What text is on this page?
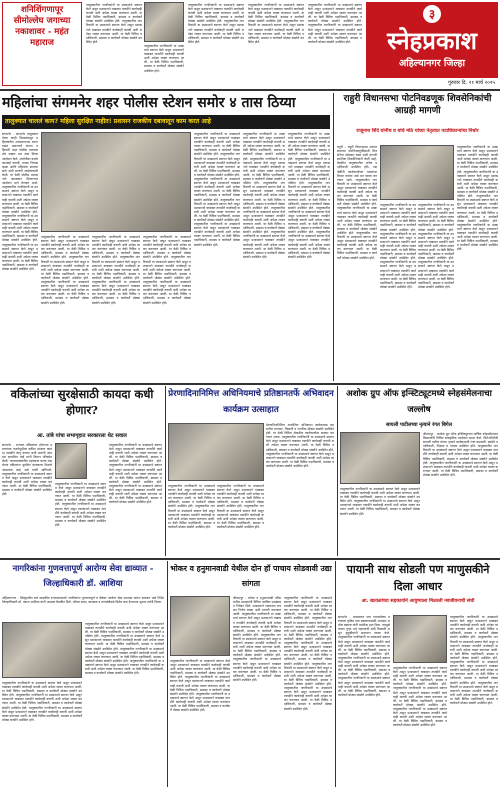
शनिशिंगणापूर सीमोल्लेघ जगाच्या नकाशावर - महंत महाराज
तालुक्यातील नागरिकांनी या उपक्रमाचे स्वागत केले असून प्रशासनाने याबाबत तातडीने कार्यवाही करावी अशी अपेक्षा व्यक्त करण्यात आली. या वेळी विविध पदाधिकारी, ग्रामस्थ व कार्यकर्ते मोठ्या संख्येने उपस्थित होते. तालुक्यातील नागरिकांनी या उपक्रमाचे स्वागत केले असून प्रशासनाने याबाबत तातडीने कार्यवाही करावी अशी अपेक्षा व्यक्त करण्यात आली. या वेळी विविध पदाधिकारी, ग्रामस्थ व कार्यकर्ते मोठ्या संख्येने उपस्थित होते.
तालुक्यातील नागरिकांनी या उपक्रमाचे स्वागत केले असून प्रशासनाने याबाबत तातडीने कार्यवाही करावी अशी अपेक्षा व्यक्त करण्यात आली. या वेळी विविध पदाधिकारी, ग्रामस्थ व कार्यकर्ते मोठ्या संख्येने उपस्थित होते.
तालुक्यातील नागरिकांनी या उपक्रमाचे स्वागत केले असून प्रशासनाने याबाबत तातडीने कार्यवाही करावी अशी अपेक्षा व्यक्त करण्यात आली. या वेळी विविध पदाधिकारी, ग्रामस्थ व कार्यकर्ते मोठ्या संख्येने उपस्थित होते. तालुक्यातील नागरिकांनी या उपक्रमाचे स्वागत केले असून प्रशासनाने याबाबत तातडीने कार्यवाही करावी अशी अपेक्षा व्यक्त करण्यात आली. या वेळी विविध पदाधिकारी, ग्रामस्थ व कार्यकर्ते मोठ्या संख्येने उपस्थित होते.
तालुक्यातील नागरिकांनी या उपक्रमाचे स्वागत केले असून प्रशासनाने याबाबत तातडीने कार्यवाही करावी अशी अपेक्षा व्यक्त करण्यात आली. या वेळी विविध पदाधिकारी, ग्रामस्थ व कार्यकर्ते मोठ्या संख्येने उपस्थित होते. तालुक्यातील नागरिकांनी या उपक्रमाचे स्वागत केले असून प्रशासनाने याबाबत तातडीने कार्यवाही करावी अशी अपेक्षा व्यक्त करण्यात आली. या वेळी विविध पदाधिकारी, ग्रामस्थ व कार्यकर्ते मोठ्या संख्येने उपस्थित होते.
तालुक्यातील नागरिकांनी या उपक्रमाचे स्वागत केले असून प्रशासनाने याबाबत तातडीने कार्यवाही करावी अशी अपेक्षा व्यक्त करण्यात आली. या वेळी विविध पदाधिकारी, ग्रामस्थ व कार्यकर्ते मोठ्या संख्येने उपस्थित होते. तालुक्यातील नागरिकांनी या उपक्रमाचे स्वागत केले असून प्रशासनाने याबाबत तातडीने कार्यवाही करावी अशी अपेक्षा व्यक्त करण्यात आली. या वेळी विविध पदाधिकारी, ग्रामस्थ व कार्यकर्ते मोठ्या संख्येने उपस्थित होते.
३
स्नेहप्रकाश
अहिल्यानगर जिल्हा
गुरुवार दि. २१ मार्च २०२५
महिलांचा संगमनेर शहर पोलीस स्टेशन समोर ४ तास ठिय्या
तालुक्यात चाललं काय? महिला सुरक्षित नाहीत! प्रशासन राजकीय दबावातून काम करत आहे
संगमनेर - संगमनेर तालुक्यात गेल्या काही दिवसांपासून महिलांवरील अत्याचाराच्या घटना वाढत असल्याने संतप्त महिलांनी शहर पोलीस ठाण्यासमोर तब्बल चार तास ठिय्या आंदोलन केले. आरोपींवर कठोर कारवाई करावी, तपास निष्पक्ष व्हावा आणि महिलांना संरक्षण द्यावे अशी मागणी आंदोलकांनी केली. या वेळी पोलीस प्रशासनाने आश्वासन दिल्यानंतर आंदोलन मागे घेण्यात आले. तालुक्यातील नागरिकांनी या उपक्रमाचे स्वागत केले असून प्रशासनाने याबाबत तातडीने कार्यवाही करावी अशी अपेक्षा व्यक्त करण्यात आली. या वेळी विविध पदाधिकारी, ग्रामस्थ व कार्यकर्ते मोठ्या संख्येने उपस्थित होते. तालुक्यातील नागरिकांनी या उपक्रमाचे स्वागत केले असून प्रशासनाने याबाबत तातडीने कार्यवाही करावी अशी अपेक्षा व्यक्त करण्यात आली. या वेळी विविध पदाधिकारी, ग्रामस्थ व कार्यकर्ते मोठ्या संख्येने उपस्थित होते. तालुक्यातील नागरिकांनी या उपक्रमाचे स्वागत केले असून प्रशासनाने याबाबत तातडीने कार्यवाही करावी अशी अपेक्षा व्यक्त करण्यात आली. या वेळी विविध पदाधिकारी, ग्रामस्थ व कार्यकर्ते मोठ्या संख्येने उपस्थित होते.
तालुक्यातील नागरिकांनी या उपक्रमाचे स्वागत केले असून प्रशासनाने याबाबत तातडीने कार्यवाही करावी अशी अपेक्षा व्यक्त करण्यात आली. या वेळी विविध पदाधिकारी, ग्रामस्थ व कार्यकर्ते मोठ्या संख्येने उपस्थित होते. तालुक्यातील नागरिकांनी या उपक्रमाचे स्वागत केले असून प्रशासनाने याबाबत तातडीने कार्यवाही करावी अशी अपेक्षा व्यक्त करण्यात आली. या वेळी विविध पदाधिकारी, ग्रामस्थ व कार्यकर्ते मोठ्या संख्येने उपस्थित होते. तालुक्यातील नागरिकांनी या उपक्रमाचे स्वागत केले असून प्रशासनाने याबाबत तातडीने कार्यवाही करावी अशी अपेक्षा व्यक्त करण्यात आली. या वेळी विविध पदाधिकारी, ग्रामस्थ व कार्यकर्ते मोठ्या संख्येने उपस्थित होते.
तालुक्यातील नागरिकांनी या उपक्रमाचे स्वागत केले असून प्रशासनाने याबाबत तातडीने कार्यवाही करावी अशी अपेक्षा व्यक्त करण्यात आली. या वेळी विविध पदाधिकारी, ग्रामस्थ व कार्यकर्ते मोठ्या संख्येने उपस्थित होते. तालुक्यातील नागरिकांनी या उपक्रमाचे स्वागत केले असून प्रशासनाने याबाबत तातडीने कार्यवाही करावी अशी अपेक्षा व्यक्त करण्यात आली. या वेळी विविध पदाधिकारी, ग्रामस्थ व कार्यकर्ते मोठ्या संख्येने उपस्थित होते. तालुक्यातील नागरिकांनी या उपक्रमाचे स्वागत केले असून प्रशासनाने याबाबत तातडीने कार्यवाही करावी अशी अपेक्षा व्यक्त करण्यात आली. या वेळी विविध पदाधिकारी, ग्रामस्थ व कार्यकर्ते मोठ्या संख्येने उपस्थित होते.
तालुक्यातील नागरिकांनी या उपक्रमाचे स्वागत केले असून प्रशासनाने याबाबत तातडीने कार्यवाही करावी अशी अपेक्षा व्यक्त करण्यात आली. या वेळी विविध पदाधिकारी, ग्रामस्थ व कार्यकर्ते मोठ्या संख्येने उपस्थित होते. तालुक्यातील नागरिकांनी या उपक्रमाचे स्वागत केले असून प्रशासनाने याबाबत तातडीने कार्यवाही करावी अशी अपेक्षा व्यक्त करण्यात आली. या वेळी विविध पदाधिकारी, ग्रामस्थ व कार्यकर्ते मोठ्या संख्येने उपस्थित होते. तालुक्यातील नागरिकांनी या उपक्रमाचे स्वागत केले असून प्रशासनाने याबाबत तातडीने कार्यवाही करावी अशी अपेक्षा व्यक्त करण्यात आली. या वेळी विविध पदाधिकारी, ग्रामस्थ व कार्यकर्ते मोठ्या संख्येने उपस्थित होते.
तालुक्यातील नागरिकांनी या उपक्रमाचे स्वागत केले असून प्रशासनाने याबाबत तातडीने कार्यवाही करावी अशी अपेक्षा व्यक्त करण्यात आली. या वेळी विविध पदाधिकारी, ग्रामस्थ व कार्यकर्ते मोठ्या संख्येने उपस्थित होते. तालुक्यातील नागरिकांनी या उपक्रमाचे स्वागत केले असून प्रशासनाने याबाबत तातडीने कार्यवाही करावी अशी अपेक्षा व्यक्त करण्यात आली. या वेळी विविध पदाधिकारी, ग्रामस्थ व कार्यकर्ते मोठ्या संख्येने उपस्थित होते. तालुक्यातील नागरिकांनी या उपक्रमाचे स्वागत केले असून प्रशासनाने याबाबत तातडीने कार्यवाही करावी अशी अपेक्षा व्यक्त करण्यात आली. या वेळी विविध पदाधिकारी, ग्रामस्थ व कार्यकर्ते मोठ्या संख्येने उपस्थित होते. तालुक्यातील नागरिकांनी या उपक्रमाचे स्वागत केले असून प्रशासनाने याबाबत तातडीने कार्यवाही करावी अशी अपेक्षा व्यक्त करण्यात आली. या वेळी विविध पदाधिकारी, ग्रामस्थ व कार्यकर्ते मोठ्या संख्येने उपस्थित होते. तालुक्यातील नागरिकांनी या उपक्रमाचे स्वागत केले असून प्रशासनाने याबाबत तातडीने कार्यवाही करावी अशी अपेक्षा व्यक्त करण्यात आली. या वेळी विविध पदाधिकारी, ग्रामस्थ व कार्यकर्ते मोठ्या संख्येने उपस्थित होते.
तालुक्यातील नागरिकांनी या उपक्रमाचे स्वागत केले असून प्रशासनाने याबाबत तातडीने कार्यवाही करावी अशी अपेक्षा व्यक्त करण्यात आली. या वेळी विविध पदाधिकारी, ग्रामस्थ व कार्यकर्ते मोठ्या संख्येने उपस्थित होते. तालुक्यातील नागरिकांनी या उपक्रमाचे स्वागत केले असून प्रशासनाने याबाबत तातडीने कार्यवाही करावी अशी अपेक्षा व्यक्त करण्यात आली. या वेळी विविध पदाधिकारी, ग्रामस्थ व कार्यकर्ते मोठ्या संख्येने उपस्थित होते. तालुक्यातील नागरिकांनी या उपक्रमाचे स्वागत केले असून प्रशासनाने याबाबत तातडीने कार्यवाही करावी अशी अपेक्षा व्यक्त करण्यात आली. या वेळी विविध पदाधिकारी, ग्रामस्थ व कार्यकर्ते मोठ्या संख्येने उपस्थित होते. तालुक्यातील नागरिकांनी या उपक्रमाचे स्वागत केले असून प्रशासनाने याबाबत तातडीने कार्यवाही करावी अशी अपेक्षा व्यक्त करण्यात आली. या वेळी विविध पदाधिकारी, ग्रामस्थ व कार्यकर्ते मोठ्या संख्येने उपस्थित होते. तालुक्यातील नागरिकांनी या उपक्रमाचे स्वागत केले असून प्रशासनाने याबाबत तातडीने कार्यवाही करावी अशी अपेक्षा व्यक्त करण्यात आली. या वेळी विविध पदाधिकारी, ग्रामस्थ व कार्यकर्ते मोठ्या संख्येने उपस्थित होते.
तालुक्यातील नागरिकांनी या उपक्रमाचे स्वागत केले असून प्रशासनाने याबाबत तातडीने कार्यवाही करावी अशी अपेक्षा व्यक्त करण्यात आली. या वेळी विविध पदाधिकारी, ग्रामस्थ व कार्यकर्ते मोठ्या संख्येने उपस्थित होते. तालुक्यातील नागरिकांनी या उपक्रमाचे स्वागत केले असून प्रशासनाने याबाबत तातडीने कार्यवाही करावी अशी अपेक्षा व्यक्त करण्यात आली. या वेळी विविध पदाधिकारी, ग्रामस्थ व कार्यकर्ते मोठ्या संख्येने उपस्थित होते. तालुक्यातील नागरिकांनी या उपक्रमाचे स्वागत केले असून प्रशासनाने याबाबत तातडीने कार्यवाही करावी अशी अपेक्षा व्यक्त करण्यात आली. या वेळी विविध पदाधिकारी, ग्रामस्थ व कार्यकर्ते मोठ्या संख्येने उपस्थित होते. तालुक्यातील नागरिकांनी या उपक्रमाचे स्वागत केले असून प्रशासनाने याबाबत तातडीने कार्यवाही करावी अशी अपेक्षा व्यक्त करण्यात आली. या वेळी विविध पदाधिकारी, ग्रामस्थ व कार्यकर्ते मोठ्या संख्येने उपस्थित होते. तालुक्यातील नागरिकांनी या उपक्रमाचे स्वागत केले असून प्रशासनाने याबाबत तातडीने कार्यवाही करावी अशी अपेक्षा व्यक्त करण्यात आली. या वेळी विविध पदाधिकारी, ग्रामस्थ व कार्यकर्ते मोठ्या संख्येने उपस्थित होते.
राहुरी विधानसभा पोटनिवडणूक शिवसेनिकांची आग्रही मागणी
राजूनाथ शिंदे यांनीच व यांचे मोठे यांच्या नेतृत्वात पदाधिकाऱ्यांचा निर्धार
राहुरी - राहुरी विधानसभा मतदारसंघाच्या पोटनिवडणुकीसाठी शिवसेनेचा उमेदवार द्यावा अशी मागणी स्थानिक शिवसैनिकांनी केली आहे. बैठकीत तालुक्यातील अनेक पदाधिकारी उपस्थित होते. पक्षश्रेष्ठींनी कार्यकर्त्यांच्या भावनांचा विचार करावा असे मत व्यक्त करण्यात आले. तालुक्यातील नागरिकांनी या उपक्रमाचे स्वागत केले असून प्रशासनाने याबाबत तातडीने कार्यवाही करावी अशी अपेक्षा व्यक्त करण्यात आली. या वेळी विविध पदाधिकारी, ग्रामस्थ व कार्यकर्ते मोठ्या संख्येने उपस्थित होते. तालुक्यातील नागरिकांनी या उपक्रमाचे स्वागत केले असून प्रशासनाने याबाबत तातडीने कार्यवाही करावी अशी अपेक्षा व्यक्त करण्यात आली. या वेळी विविध पदाधिकारी, ग्रामस्थ व कार्यकर्ते मोठ्या संख्येने उपस्थित होते. तालुक्यातील नागरिकांनी या उपक्रमाचे स्वागत केले असून प्रशासनाने याबाबत तातडीने कार्यवाही करावी अशी अपेक्षा व्यक्त करण्यात आली. या वेळी विविध पदाधिकारी, ग्रामस्थ व कार्यकर्ते मोठ्या संख्येने उपस्थित होते.
तालुक्यातील नागरिकांनी या उपक्रमाचे स्वागत केले असून प्रशासनाने याबाबत तातडीने कार्यवाही करावी अशी अपेक्षा व्यक्त करण्यात आली. या वेळी विविध पदाधिकारी, ग्रामस्थ व कार्यकर्ते मोठ्या संख्येने उपस्थित होते. तालुक्यातील नागरिकांनी या उपक्रमाचे स्वागत केले असून प्रशासनाने याबाबत तातडीने कार्यवाही करावी अशी अपेक्षा व्यक्त करण्यात आली. या वेळी विविध पदाधिकारी, ग्रामस्थ व कार्यकर्ते मोठ्या संख्येने उपस्थित होते. तालुक्यातील नागरिकांनी या उपक्रमाचे स्वागत केले असून प्रशासनाने याबाबत तातडीने कार्यवाही करावी अशी अपेक्षा व्यक्त करण्यात आली. या वेळी विविध पदाधिकारी, ग्रामस्थ व कार्यकर्ते मोठ्या संख्येने उपस्थित होते.
तालुक्यातील नागरिकांनी या उपक्रमाचे स्वागत केले असून प्रशासनाने याबाबत तातडीने कार्यवाही करावी अशी अपेक्षा व्यक्त करण्यात आली. या वेळी विविध पदाधिकारी, ग्रामस्थ व कार्यकर्ते मोठ्या संख्येने उपस्थित होते. तालुक्यातील नागरिकांनी या उपक्रमाचे स्वागत केले असून प्रशासनाने याबाबत तातडीने कार्यवाही करावी अशी अपेक्षा व्यक्त करण्यात आली. या वेळी विविध पदाधिकारी, ग्रामस्थ व कार्यकर्ते मोठ्या संख्येने उपस्थित होते. तालुक्यातील नागरिकांनी या उपक्रमाचे स्वागत केले असून प्रशासनाने याबाबत तातडीने कार्यवाही करावी अशी अपेक्षा व्यक्त करण्यात आली. या वेळी विविध पदाधिकारी, ग्रामस्थ व कार्यकर्ते मोठ्या संख्येने उपस्थित होते.
तालुक्यातील नागरिकांनी या उपक्रमाचे स्वागत केले असून प्रशासनाने याबाबत तातडीने कार्यवाही करावी अशी अपेक्षा व्यक्त करण्यात आली. या वेळी विविध पदाधिकारी, ग्रामस्थ व कार्यकर्ते मोठ्या संख्येने उपस्थित होते. तालुक्यातील नागरिकांनी या उपक्रमाचे स्वागत केले असून प्रशासनाने याबाबत तातडीने कार्यवाही करावी अशी अपेक्षा व्यक्त करण्यात आली. या वेळी विविध पदाधिकारी, ग्रामस्थ व कार्यकर्ते मोठ्या संख्येने उपस्थित होते. तालुक्यातील नागरिकांनी या उपक्रमाचे स्वागत केले असून प्रशासनाने याबाबत तातडीने कार्यवाही करावी अशी अपेक्षा व्यक्त करण्यात आली. या वेळी विविध पदाधिकारी, ग्रामस्थ व कार्यकर्ते मोठ्या संख्येने उपस्थित होते. तालुक्यातील नागरिकांनी या उपक्रमाचे स्वागत केले असून प्रशासनाने याबाबत तातडीने कार्यवाही करावी अशी अपेक्षा व्यक्त करण्यात आली. या वेळी विविध पदाधिकारी, ग्रामस्थ व कार्यकर्ते मोठ्या संख्येने उपस्थित होते.
वकिलांच्या सुरक्षेसाठी कायदा कधी होणार?
आ. तांबे यांचा सभागृहात सरकारला थेट सवाल
संगमनेर - राज्यात वकिलांवर होणाऱ्या हल्ल्यांच्या पार्श्वभूमीवर वकील संरक्षण कायदा तातडीने लागू करावा अशी मागणी आमदार सत्यजित तांबे यांनी विधान परिषदेत केली. न्यायव्यवस्थेतील महत्त्वाचा घटक असलेल्या वकिलांना सुरक्षित वातावरण मिळणे आवश्यक आहे असे त्यांनी सांगितले. तालुक्यातील नागरिकांनी या उपक्रमाचे स्वागत केले असून प्रशासनाने याबाबत तातडीने कार्यवाही करावी अशी अपेक्षा व्यक्त करण्यात आली. या वेळी विविध पदाधिकारी, ग्रामस्थ व कार्यकर्ते मोठ्या संख्येने उपस्थित होते.
तालुक्यातील नागरिकांनी या उपक्रमाचे स्वागत केले असून प्रशासनाने याबाबत तातडीने कार्यवाही करावी अशी अपेक्षा व्यक्त करण्यात आली. या वेळी विविध पदाधिकारी, ग्रामस्थ व कार्यकर्ते मोठ्या संख्येने उपस्थित होते. तालुक्यातील नागरिकांनी या उपक्रमाचे स्वागत केले असून प्रशासनाने याबाबत तातडीने कार्यवाही करावी अशी अपेक्षा व्यक्त करण्यात आली. या वेळी विविध पदाधिकारी, ग्रामस्थ व कार्यकर्ते मोठ्या संख्येने उपस्थित होते.
तालुक्यातील नागरिकांनी या उपक्रमाचे स्वागत केले असून प्रशासनाने याबाबत तातडीने कार्यवाही करावी अशी अपेक्षा व्यक्त करण्यात आली. या वेळी विविध पदाधिकारी, ग्रामस्थ व कार्यकर्ते मोठ्या संख्येने उपस्थित होते. तालुक्यातील नागरिकांनी या उपक्रमाचे स्वागत केले असून प्रशासनाने याबाबत तातडीने कार्यवाही करावी अशी अपेक्षा व्यक्त करण्यात आली. या वेळी विविध पदाधिकारी, ग्रामस्थ व कार्यकर्ते मोठ्या संख्येने उपस्थित होते. तालुक्यातील नागरिकांनी या उपक्रमाचे स्वागत केले असून प्रशासनाने याबाबत तातडीने कार्यवाही करावी अशी अपेक्षा व्यक्त करण्यात आली. या वेळी विविध पदाधिकारी, ग्रामस्थ व कार्यकर्ते मोठ्या संख्येने उपस्थित होते.
प्रेरणादिनानिमित्त अधिनियमाचे प्रतिष्ठानतर्फे अभिवादन कार्यक्रम उत्साहात
प्रेरणादिनानिमित्त आयोजित अभिवादन कार्यक्रमास शहरातील मान्यवर, विद्यार्थी व नागरिक मोठ्या संख्येने उपस्थित होते. या वेळी विविध क्षेत्रातील कार्यकर्त्यांचा सत्कार करण्यात आला. तालुक्यातील नागरिकांनी या उपक्रमाचे स्वागत केले असून प्रशासनाने याबाबत तातडीने कार्यवाही करावी अशी अपेक्षा व्यक्त करण्यात आली. या वेळी विविध पदाधिकारी, ग्रामस्थ व कार्यकर्ते मोठ्या संख्येने उपस्थित होते. तालुक्यातील नागरिकांनी या उपक्रमाचे स्वागत केले असून प्रशासनाने याबाबत तातडीने कार्यवाही करावी अशी अपेक्षा व्यक्त करण्यात आली. या वेळी विविध पदाधिकारी, ग्रामस्थ व कार्यकर्ते मोठ्या संख्येने उपस्थित होते.
तालुक्यातील नागरिकांनी या उपक्रमाचे स्वागत केले असून प्रशासनाने याबाबत तातडीने कार्यवाही करावी अशी अपेक्षा व्यक्त करण्यात आली. या वेळी विविध पदाधिकारी, ग्रामस्थ व कार्यकर्ते मोठ्या संख्येने उपस्थित होते. तालुक्यातील नागरिकांनी या उपक्रमाचे स्वागत केले असून प्रशासनाने याबाबत तातडीने कार्यवाही करावी अशी अपेक्षा व्यक्त करण्यात आली. या वेळी विविध पदाधिकारी, ग्रामस्थ व कार्यकर्ते मोठ्या संख्येने उपस्थित होते.
तालुक्यातील नागरिकांनी या उपक्रमाचे स्वागत केले असून प्रशासनाने याबाबत तातडीने कार्यवाही करावी अशी अपेक्षा व्यक्त करण्यात आली. या वेळी विविध पदाधिकारी, ग्रामस्थ व कार्यकर्ते मोठ्या संख्येने उपस्थित होते. तालुक्यातील नागरिकांनी या उपक्रमाचे स्वागत केले असून प्रशासनाने याबाबत तातडीने कार्यवाही करावी अशी अपेक्षा व्यक्त करण्यात आली. या वेळी विविध पदाधिकारी, ग्रामस्थ व कार्यकर्ते मोठ्या संख्येने उपस्थित होते.
अशोक ग्रुप ऑफ इन्स्टिट्यूटमध्ये स्नेहसंमेलनाचा जल्लोष
सायली पाटीलच्या नृत्याने रंगत बिगेल
श्रीरामपूर - अशोक ग्रुप ऑफ इन्स्टिट्यूटच्या वार्षिक स्नेहसंमेलनात विद्यार्थ्यांनी विविध सांस्कृतिक कार्यक्रम सादर केले. सिनेअभिनेत्री सायली पाटील यांच्या नृत्याने कार्यक्रमाची रंगत वाढवली. संस्थेचे पदाधिकारी, शिक्षक व पालक उपस्थित होते. तालुक्यातील नागरिकांनी या उपक्रमाचे स्वागत केले असून प्रशासनाने याबाबत तातडीने कार्यवाही करावी अशी अपेक्षा व्यक्त करण्यात आली. या वेळी विविध पदाधिकारी, ग्रामस्थ व कार्यकर्ते मोठ्या संख्येने उपस्थित होते. तालुक्यातील नागरिकांनी या उपक्रमाचे स्वागत केले असून प्रशासनाने याबाबत तातडीने कार्यवाही करावी अशी अपेक्षा व्यक्त करण्यात आली. या वेळी विविध पदाधिकारी, ग्रामस्थ व कार्यकर्ते मोठ्या संख्येने उपस्थित होते.
तालुक्यातील नागरिकांनी या उपक्रमाचे स्वागत केले असून प्रशासनाने याबाबत तातडीने कार्यवाही करावी अशी अपेक्षा व्यक्त करण्यात आली. या वेळी विविध पदाधिकारी, ग्रामस्थ व कार्यकर्ते मोठ्या संख्येने उपस्थित होते. तालुक्यातील नागरिकांनी या उपक्रमाचे स्वागत केले असून प्रशासनाने याबाबत तातडीने कार्यवाही करावी अशी अपेक्षा व्यक्त करण्यात आली. या वेळी विविध पदाधिकारी, ग्रामस्थ व कार्यकर्ते मोठ्या संख्येने उपस्थित होते.
नागरिकांना गुणवत्तापूर्ण आरोग्य सेवा द्याव्यात - जिल्हाधिकारी डॉ. आशिया
अहिल्यानगर - जिल्ह्यातील सर्व शासकीय रुग्णालयांमध्ये नागरिकांना गुणवत्तापूर्ण व वेळेवर आरोग्य सेवा उपलब्ध करून द्याव्यात असे निर्देश जिल्हाधिकारी डॉ. पंकज आशिया यांनी आढावा बैठकीत दिले. औषध साठा, स्वच्छता व रुग्णसेवेकडे विशेष लक्ष देण्याच्या सूचना त्यांनी दिल्या.
तालुक्यातील नागरिकांनी या उपक्रमाचे स्वागत केले असून प्रशासनाने याबाबत तातडीने कार्यवाही करावी अशी अपेक्षा व्यक्त करण्यात आली. या वेळी विविध पदाधिकारी, ग्रामस्थ व कार्यकर्ते मोठ्या संख्येने उपस्थित होते. तालुक्यातील नागरिकांनी या उपक्रमाचे स्वागत केले असून प्रशासनाने याबाबत तातडीने कार्यवाही करावी अशी अपेक्षा व्यक्त करण्यात आली. या वेळी विविध पदाधिकारी, ग्रामस्थ व कार्यकर्ते मोठ्या संख्येने उपस्थित होते. तालुक्यातील नागरिकांनी या उपक्रमाचे स्वागत केले असून प्रशासनाने याबाबत तातडीने कार्यवाही करावी अशी अपेक्षा व्यक्त करण्यात आली. या वेळी विविध पदाधिकारी, ग्रामस्थ व कार्यकर्ते मोठ्या संख्येने उपस्थित होते. तालुक्यातील नागरिकांनी या उपक्रमाचे स्वागत केले असून प्रशासनाने याबाबत तातडीने कार्यवाही करावी अशी अपेक्षा व्यक्त करण्यात आली. या वेळी विविध पदाधिकारी, ग्रामस्थ व कार्यकर्ते मोठ्या संख्येने उपस्थित होते.
तालुक्यातील नागरिकांनी या उपक्रमाचे स्वागत केले असून प्रशासनाने याबाबत तातडीने कार्यवाही करावी अशी अपेक्षा व्यक्त करण्यात आली. या वेळी विविध पदाधिकारी, ग्रामस्थ व कार्यकर्ते मोठ्या संख्येने उपस्थित होते. तालुक्यातील नागरिकांनी या उपक्रमाचे स्वागत केले असून प्रशासनाने याबाबत तातडीने कार्यवाही करावी अशी अपेक्षा व्यक्त करण्यात आली. या वेळी विविध पदाधिकारी, ग्रामस्थ व कार्यकर्ते मोठ्या संख्येने उपस्थित होते. तालुक्यातील नागरिकांनी या उपक्रमाचे स्वागत केले असून प्रशासनाने याबाबत तातडीने कार्यवाही करावी अशी अपेक्षा व्यक्त करण्यात आली. या वेळी विविध पदाधिकारी, ग्रामस्थ व कार्यकर्ते मोठ्या संख्येने उपस्थित होते.
भोकर व हनुमानवाडी येथील दोन हॉ पाचाय सोडवावी उद्या सांगता
श्रीरामपूर - भोकर व हनुमानवाडी परिसरातील ग्रामस्थांनी विविध प्रलंबित प्रश्नांबाबत निवेदन दिले. प्रशासनाने लवकरात लवकर निर्णय घ्यावा अशी मागणी करण्यात आली. तालुक्यातील नागरिकांनी या उपक्रमाचे स्वागत केले असून प्रशासनाने याबाबत तातडीने कार्यवाही करावी अशी अपेक्षा व्यक्त करण्यात आली. या वेळी विविध पदाधिकारी, ग्रामस्थ व कार्यकर्ते मोठ्या संख्येने उपस्थित होते. तालुक्यातील नागरिकांनी या उपक्रमाचे स्वागत केले असून प्रशासनाने याबाबत तातडीने कार्यवाही करावी अशी अपेक्षा व्यक्त करण्यात आली. या वेळी विविध पदाधिकारी, ग्रामस्थ व कार्यकर्ते मोठ्या संख्येने उपस्थित होते. तालुक्यातील नागरिकांनी या उपक्रमाचे स्वागत केले असून प्रशासनाने याबाबत तातडीने कार्यवाही करावी अशी अपेक्षा व्यक्त करण्यात आली. या वेळी विविध पदाधिकारी, ग्रामस्थ व कार्यकर्ते मोठ्या संख्येने उपस्थित होते.
तालुक्यातील नागरिकांनी या उपक्रमाचे स्वागत केले असून प्रशासनाने याबाबत तातडीने कार्यवाही करावी अशी अपेक्षा व्यक्त करण्यात आली. या वेळी विविध पदाधिकारी, ग्रामस्थ व कार्यकर्ते मोठ्या संख्येने उपस्थित होते. तालुक्यातील नागरिकांनी या उपक्रमाचे स्वागत केले असून प्रशासनाने याबाबत तातडीने कार्यवाही करावी अशी अपेक्षा व्यक्त करण्यात आली. या वेळी विविध पदाधिकारी, ग्रामस्थ व कार्यकर्ते मोठ्या संख्येने उपस्थित होते. तालुक्यातील नागरिकांनी या उपक्रमाचे स्वागत केले असून प्रशासनाने याबाबत तातडीने कार्यवाही करावी अशी अपेक्षा व्यक्त करण्यात आली. या वेळी विविध पदाधिकारी, ग्रामस्थ व कार्यकर्ते मोठ्या संख्येने उपस्थित होते. तालुक्यातील नागरिकांनी या उपक्रमाचे स्वागत केले असून प्रशासनाने याबाबत तातडीने कार्यवाही करावी अशी अपेक्षा व्यक्त करण्यात आली. या वेळी विविध पदाधिकारी, ग्रामस्थ व कार्यकर्ते मोठ्या संख्येने उपस्थित होते. तालुक्यातील नागरिकांनी या उपक्रमाचे स्वागत केले असून प्रशासनाने याबाबत तातडीने कार्यवाही करावी अशी अपेक्षा व्यक्त करण्यात आली. या वेळी विविध पदाधिकारी, ग्रामस्थ व कार्यकर्ते मोठ्या संख्येने उपस्थित होते.
तालुक्यातील नागरिकांनी या उपक्रमाचे स्वागत केले असून प्रशासनाने याबाबत तातडीने कार्यवाही करावी अशी अपेक्षा व्यक्त करण्यात आली. या वेळी विविध पदाधिकारी, ग्रामस्थ व कार्यकर्ते मोठ्या संख्येने उपस्थित होते. तालुक्यातील नागरिकांनी या उपक्रमाचे स्वागत केले असून प्रशासनाने याबाबत तातडीने कार्यवाही करावी अशी अपेक्षा व्यक्त करण्यात आली. या वेळी विविध पदाधिकारी, ग्रामस्थ व कार्यकर्ते मोठ्या संख्येने उपस्थित होते. तालुक्यातील नागरिकांनी या उपक्रमाचे स्वागत केले असून प्रशासनाने याबाबत तातडीने कार्यवाही करावी अशी अपेक्षा व्यक्त करण्यात आली. या वेळी विविध पदाधिकारी, ग्रामस्थ व कार्यकर्ते मोठ्या संख्येने उपस्थित होते.
पायानी साथ सोडली पण माणुसकीने दिला आधार
आ. खताळांच्या सहकार्याने आयुष्याला मिळाली नवजीवनाची संधी
संगमनेर - अपघातात पाय गमावलेल्या तरुणाला कृत्रिम पाय बसवण्यासाठी आमदार अमोल खताळ यांनी मदतीचा हात दिला. त्यामुळे त्याला पुन्हा उभे राहण्याची संधी मिळाली असून कुटुंबीयांनी समाधान व्यक्त केले. तालुक्यातील नागरिकांनी या उपक्रमाचे स्वागत केले असून प्रशासनाने याबाबत तातडीने कार्यवाही करावी अशी अपेक्षा व्यक्त करण्यात आली. या वेळी विविध पदाधिकारी, ग्रामस्थ व कार्यकर्ते मोठ्या संख्येने उपस्थित होते. तालुक्यातील नागरिकांनी या उपक्रमाचे स्वागत केले असून प्रशासनाने याबाबत तातडीने कार्यवाही करावी अशी अपेक्षा व्यक्त करण्यात आली. या वेळी विविध पदाधिकारी, ग्रामस्थ व कार्यकर्ते मोठ्या संख्येने उपस्थित होते. तालुक्यातील नागरिकांनी या उपक्रमाचे स्वागत केले असून प्रशासनाने याबाबत तातडीने कार्यवाही करावी अशी अपेक्षा व्यक्त करण्यात आली. या वेळी विविध पदाधिकारी, ग्रामस्थ व कार्यकर्ते मोठ्या संख्येने उपस्थित होते.
तालुक्यातील नागरिकांनी या उपक्रमाचे स्वागत केले असून प्रशासनाने याबाबत तातडीने कार्यवाही करावी अशी अपेक्षा व्यक्त करण्यात आली. या वेळी विविध पदाधिकारी, ग्रामस्थ व कार्यकर्ते मोठ्या संख्येने उपस्थित होते. तालुक्यातील नागरिकांनी या उपक्रमाचे स्वागत केले असून प्रशासनाने याबाबत तातडीने कार्यवाही करावी अशी अपेक्षा व्यक्त करण्यात आली. या वेळी विविध पदाधिकारी, ग्रामस्थ व कार्यकर्ते मोठ्या संख्येने उपस्थित होते. तालुक्यातील नागरिकांनी या उपक्रमाचे स्वागत केले असून प्रशासनाने याबाबत तातडीने कार्यवाही करावी अशी अपेक्षा व्यक्त करण्यात आली. या वेळी विविध पदाधिकारी, ग्रामस्थ व कार्यकर्ते मोठ्या संख्येने उपस्थित होते.
तालुक्यातील नागरिकांनी या उपक्रमाचे स्वागत केले असून प्रशासनाने याबाबत तातडीने कार्यवाही करावी अशी अपेक्षा व्यक्त करण्यात आली. या वेळी विविध पदाधिकारी, ग्रामस्थ व कार्यकर्ते मोठ्या संख्येने उपस्थित होते. तालुक्यातील नागरिकांनी या उपक्रमाचे स्वागत केले असून प्रशासनाने याबाबत तातडीने कार्यवाही करावी अशी अपेक्षा व्यक्त करण्यात आली. या वेळी विविध पदाधिकारी, ग्रामस्थ व कार्यकर्ते मोठ्या संख्येने उपस्थित होते. तालुक्यातील नागरिकांनी या उपक्रमाचे स्वागत केले असून प्रशासनाने याबाबत तातडीने कार्यवाही करावी अशी अपेक्षा व्यक्त करण्यात आली. या वेळी विविध पदाधिकारी, ग्रामस्थ व कार्यकर्ते मोठ्या संख्येने उपस्थित होते. तालुक्यातील नागरिकांनी या उपक्रमाचे स्वागत केले असून प्रशासनाने याबाबत तातडीने कार्यवाही करावी अशी अपेक्षा व्यक्त करण्यात आली. या वेळी विविध पदाधिकारी, ग्रामस्थ व कार्यकर्ते मोठ्या संख्येने उपस्थित होते.
